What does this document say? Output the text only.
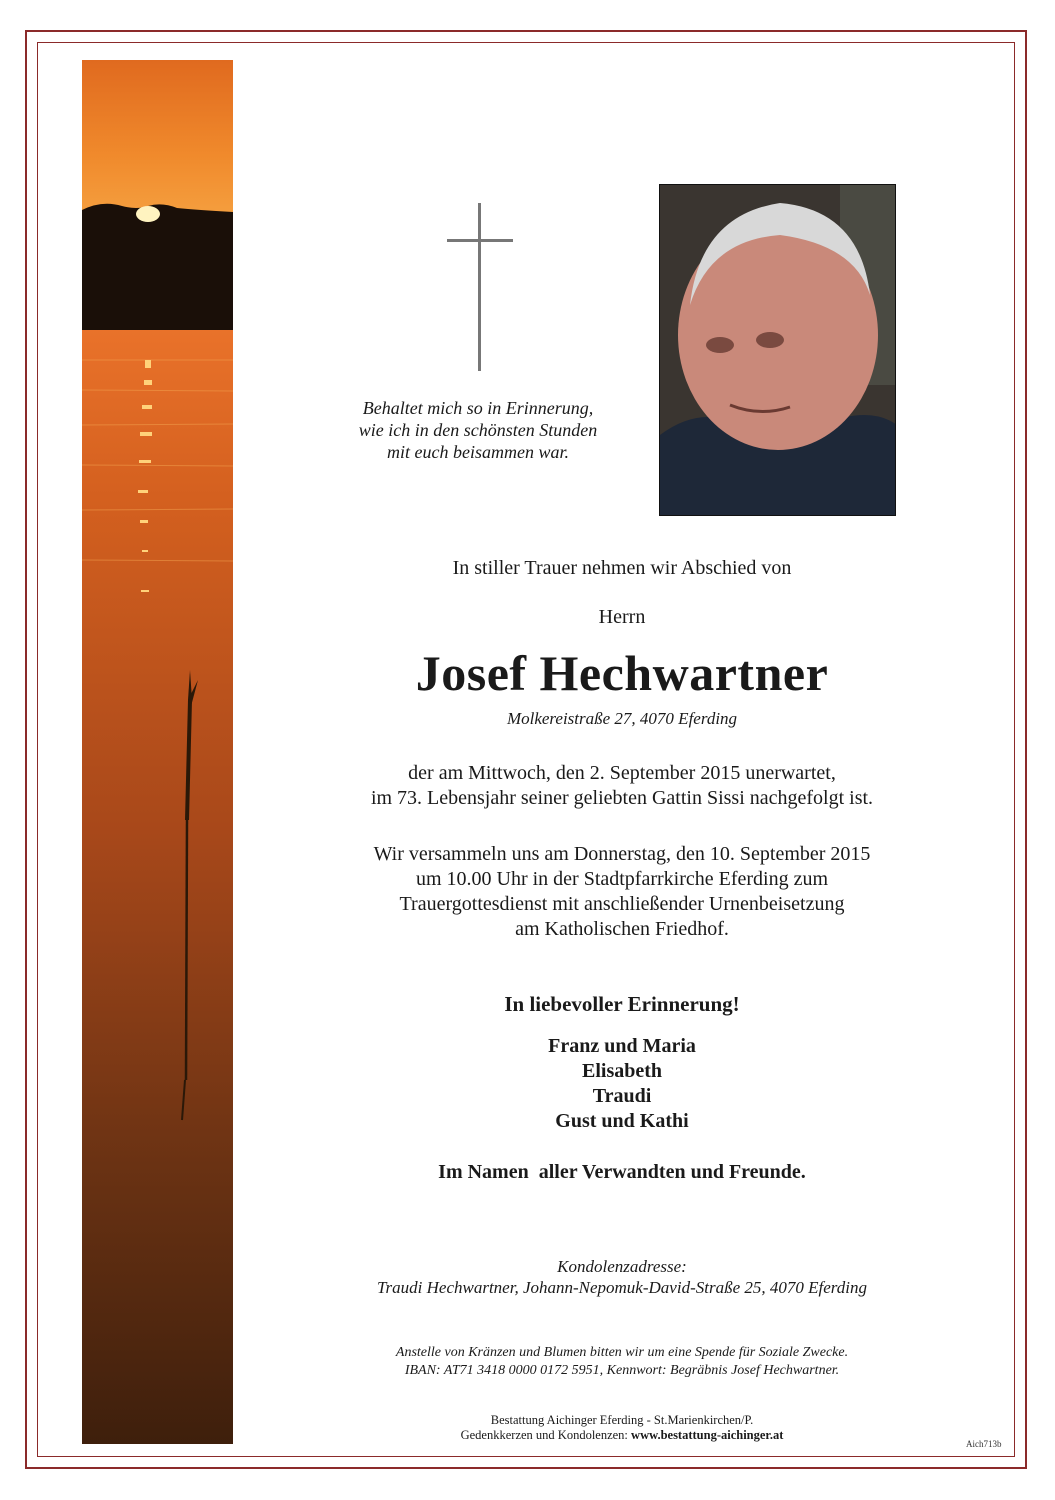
Behaltet mich so in Erinnerung,
wie ich in den schönsten Stunden
mit euch beisammen war.
In stiller Trauer nehmen wir Abschied von
Herrn
Josef Hechwartner
Molkereistraße 27, 4070 Eferding
der am Mittwoch, den 2. September 2015 unerwartet,
im 73. Lebensjahr seiner geliebten Gattin Sissi nachgefolgt ist.
Wir versammeln uns am Donnerstag, den 10. September 2015
um 10.00 Uhr in der Stadtpfarrkirche Eferding zum
Trauergottesdienst mit anschließender Urnenbeisetzung
am Katholischen Friedhof.
In liebevoller Erinnerung!
Franz und Maria
Elisabeth
Traudi
Gust und Kathi
Im Namen  aller Verwandten und Freunde.
Kondolenzadresse:
Traudi Hechwartner, Johann-Nepomuk-David-Straße 25, 4070 Eferding
Anstelle von Kränzen und Blumen bitten wir um eine Spende für Soziale Zwecke.
IBAN: AT71 3418 0000 0172 5951, Kennwort: Begräbnis Josef Hechwartner.
Bestattung Aichinger Eferding - St.Marienkirchen/P.
Gedenkkerzen und Kondolenzen: www.bestattung-aichinger.at
Aich713b
